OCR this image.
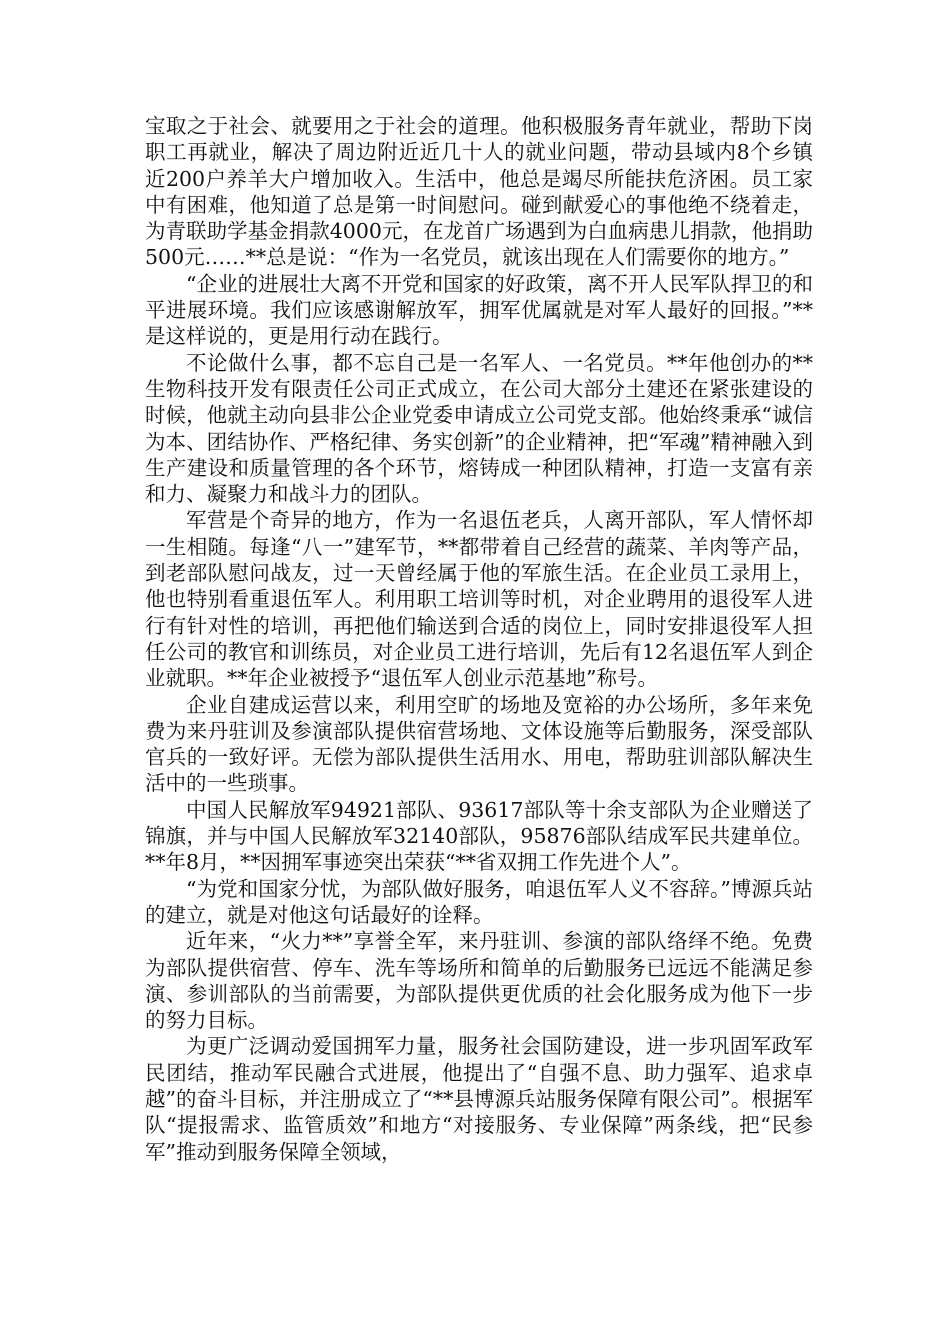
宝取之于社会、就要用之于社会的道理。他积极服务青年就业，帮助下岗职工再就业，解决了周边附近近几十人的就业问题，带动县域内8个乡镇近200户养羊大户增加收入。生活中，他总是竭尽所能扶危济困。员工家中有困难，他知道了总是第一时间慰问。碰到献爱心的事他绝不绕着走，为青联助学基金捐款4000元，在龙首广场遇到为白血病患儿捐款，他捐助500元……**总是说：“作为一名党员，就该出现在人们需要你的地方。”

“企业的进展壮大离不开党和国家的好政策，离不开人民军队捍卫的和平进展环境。我们应该感谢解放军，拥军优属就是对军人最好的回报。”**是这样说的，更是用行动在践行。

不论做什么事，都不忘自己是一名军人、一名党员。**年他创办的**生物科技开发有限责任公司正式成立，在公司大部分土建还在紧张建设的时候，他就主动向县非公企业党委申请成立公司党支部。他始终秉承“诚信为本、团结协作、严格纪律、务实创新”的企业精神，把“军魂”精神融入到生产建设和质量管理的各个环节，熔铸成一种团队精神，打造一支富有亲和力、凝聚力和战斗力的团队。

军营是个奇异的地方，作为一名退伍老兵，人离开部队，军人情怀却一生相随。每逢“八一”建军节，**都带着自己经营的蔬菜、羊肉等产品，到老部队慰问战友，过一天曾经属于他的军旅生活。在企业员工录用上，他也特别看重退伍军人。利用职工培训等时机，对企业聘用的退役军人进行有针对性的培训，再把他们输送到合适的岗位上，同时安排退役军人担任公司的教官和训练员，对企业员工进行培训，先后有12名退伍军人到企业就职。**年企业被授予“退伍军人创业示范基地”称号。

企业自建成运营以来，利用空旷的场地及宽裕的办公场所，多年来免费为来丹驻训及参演部队提供宿营场地、文体设施等后勤服务，深受部队官兵的一致好评。无偿为部队提供生活用水、用电，帮助驻训部队解决生活中的一些琐事。

中国人民解放军94921部队、93617部队等十余支部队为企业赠送了锦旗，并与中国人民解放军32140部队，95876部队结成军民共建单位。**年8月，**因拥军事迹突出荣获“**省双拥工作先进个人”。

“为党和国家分忧，为部队做好服务，咱退伍军人义不容辞。”博源兵站的建立，就是对他这句话最好的诠释。

近年来，“火力**”享誉全军，来丹驻训、参演的部队络绎不绝。免费为部队提供宿营、停车、洗车等场所和简单的后勤服务已远远不能满足参演、参训部队的当前需要，为部队提供更优质的社会化服务成为他下一步的努力目标。

为更广泛调动爱国拥军力量，服务社会国防建设，进一步巩固军政军民团结，推动军民融合式进展，他提出了“自强不息、助力强军、追求卓越”的奋斗目标，并注册成立了“**县博源兵站服务保障有限公司”。根据军队“提报需求、监管质效”和地方“对接服务、专业保障”两条线，把“民参军”推动到服务保障全领域，
